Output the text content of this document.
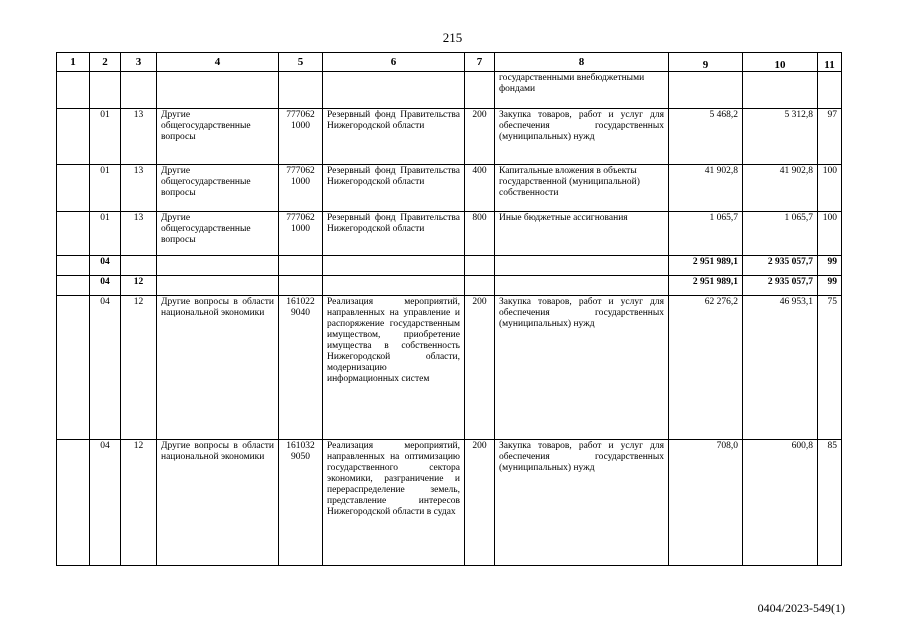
215
1	2	3	4	5	6	7	8	9	10	11
							государственными внебюджетными фондами			
	01	13	Другие общегосударственные вопросы	777062 1000	Резервный фонд Правительства Нижегородской области	200	Закупка товаров, работ и услуг для обеспечения государственных (муниципальных) нужд	5 468,2	5 312,8	97
	01	13	Другие общегосударственные вопросы	777062 1000	Резервный фонд Правительства Нижегородской области	400	Капитальные вложения в объекты государственной (муниципальной) собственности	41 902,8	41 902,8	100
	01	13	Другие общегосударственные вопросы	777062 1000	Резервный фонд Правительства Нижегородской области	800	Иные бюджетные ассигнования	1 065,7	1 065,7	100
	04							2 951 989,1	2 935 057,7	99
	04	12						2 951 989,1	2 935 057,7	99
	04	12	Другие вопросы в области национальной экономики	161022 9040	Реализация мероприятий, направленных на управление и распоряжение государственным имуществом, приобретение имущества в собственность Нижегородской области, модернизацию информационных систем	200	Закупка товаров, работ и услуг для обеспечения государственных (муниципальных) нужд	62 276,2	46 953,1	75
	04	12	Другие вопросы в области национальной экономики	161032 9050	Реализация мероприятий, направленных на оптимизацию государственного сектора экономики, разграничение и перераспределение земель, представление интересов Нижегородской области в судах	200	Закупка товаров, работ и услуг для обеспечения государственных (муниципальных) нужд	708,0	600,8	85
0404/2023-549(1)
